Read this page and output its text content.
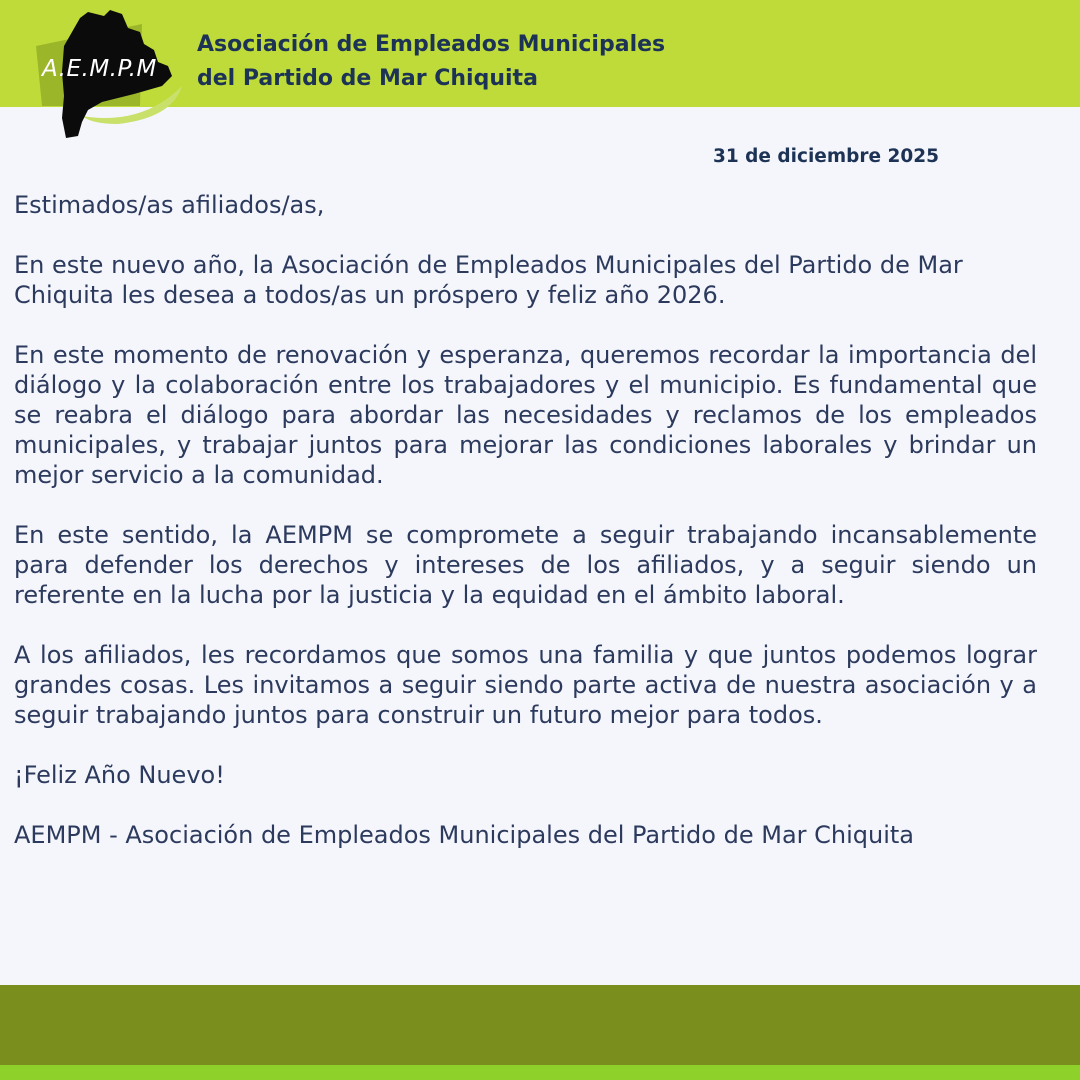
A.E.M.P.M
Asociación de Empleados Municipales
del Partido de Mar Chiquita
31 de diciembre 2025

Estimados/as afiliados/as,

En este nuevo año, la Asociación de Empleados Municipales del Partido de Mar Chiquita les desea a todos/as un próspero y feliz año 2026.

En este momento de renovación y esperanza, queremos recordar la importancia del diálogo y la colaboración entre los trabajadores y el municipio. Es fundamental que se reabra el diálogo para abordar las necesidades y reclamos de los empleados municipales, y trabajar juntos para mejorar las condiciones laborales y brindar un mejor servicio a la comunidad.

En este sentido, la AEMPM se compromete a seguir trabajando incansablemente para defender los derechos y intereses de los afiliados, y a seguir siendo un referente en la lucha por la justicia y la equidad en el ámbito laboral.

A los afiliados, les recordamos que somos una familia y que juntos podemos lograr grandes cosas. Les invitamos a seguir siendo parte activa de nuestra asociación y a seguir trabajando juntos para construir un futuro mejor para todos.

¡Feliz Año Nuevo!

AEMPM - Asociación de Empleados Municipales del Partido de Mar Chiquita
